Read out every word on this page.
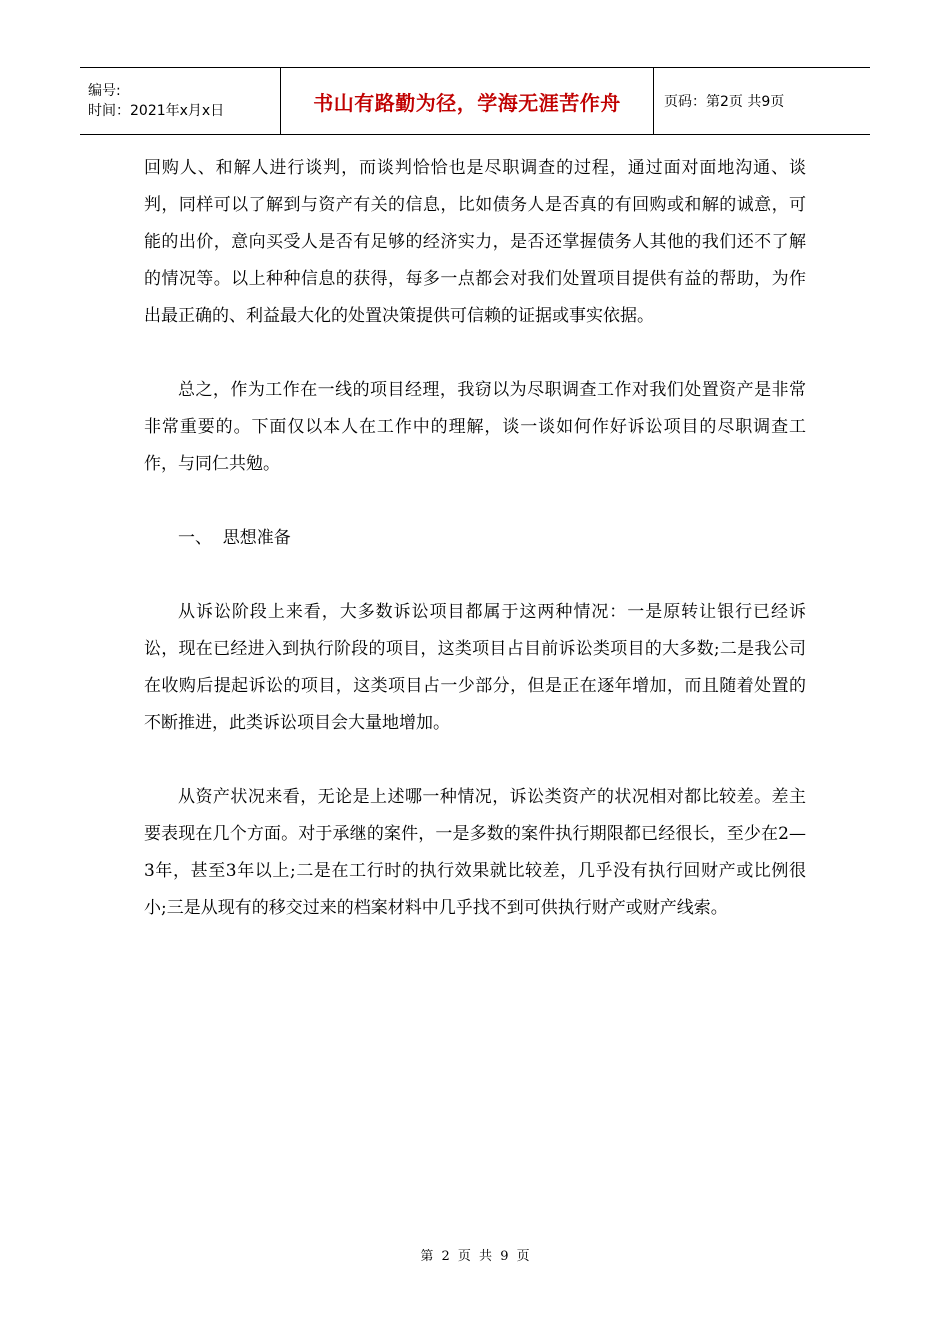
编号:
时间：2021年x月x日	书山有路勤为径，学海无涯苦作舟	页码：第2页 共9页

回购人、和解人进行谈判，而谈判恰恰也是尽职调查的过程，通过面对面地沟通、谈判，同样可以了解到与资产有关的信息，比如债务人是否真的有回购或和解的诚意，可能的出价，意向买受人是否有足够的经济实力，是否还掌握债务人其他的我们还不了解的情况等。以上种种信息的获得，每多一点都会对我们处置项目提供有益的帮助，为作出最正确的、利益最大化的处置决策提供可信赖的证据或事实依据。

总之，作为工作在一线的项目经理，我窃以为尽职调查工作对我们处置资产是非常非常重要的。下面仅以本人在工作中的理解，谈一谈如何作好诉讼项目的尽职调查工作，与同仁共勉。

一、  思想准备

从诉讼阶段上来看，大多数诉讼项目都属于这两种情况：一是原转让银行已经诉讼，现在已经进入到执行阶段的项目，这类项目占目前诉讼类项目的大多数;二是我公司在收购后提起诉讼的项目，这类项目占一少部分，但是正在逐年增加，而且随着处置的不断推进，此类诉讼项目会大量地增加。

从资产状况来看，无论是上述哪一种情况，诉讼类资产的状况相对都比较差。差主要表现在几个方面。对于承继的案件，一是多数的案件执行期限都已经很长，至少在2—3年，甚至3年以上;二是在工行时的执行效果就比较差，几乎没有执行回财产或比例很小;三是从现有的移交过来的档案材料中几乎找不到可供执行财产或财产线索。

第 2 页 共 9 页
